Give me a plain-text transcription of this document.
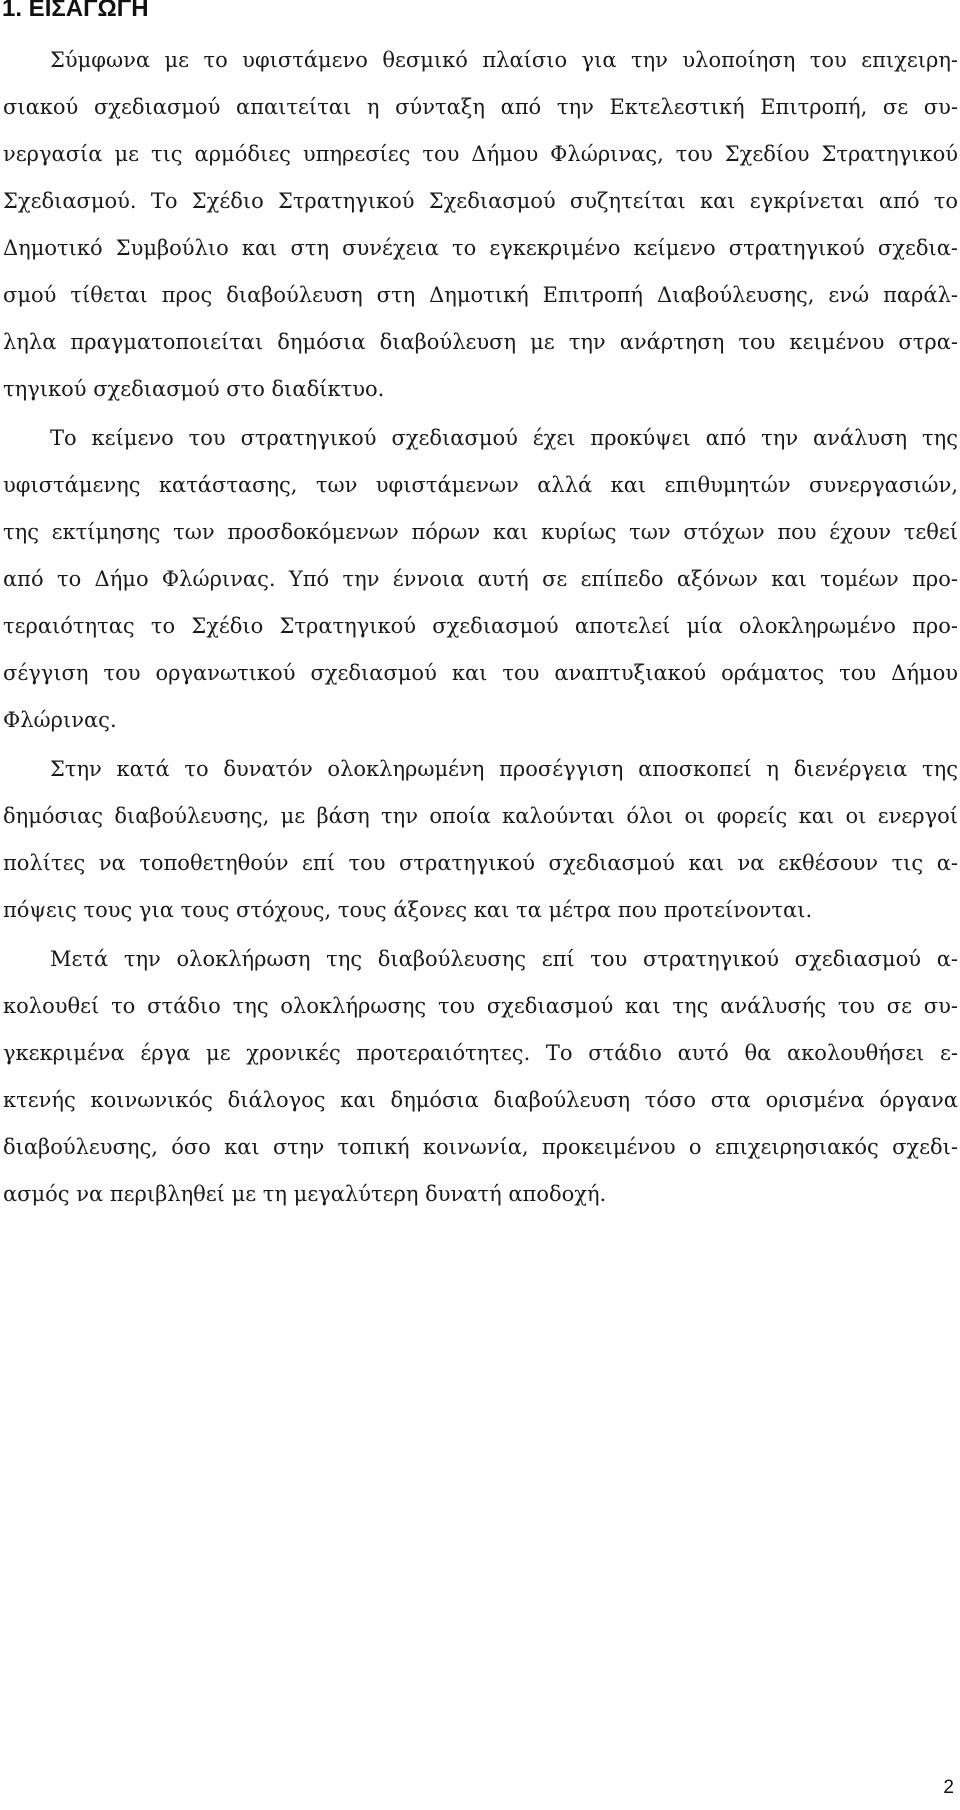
1. ΕΙΣΑΓΩΓΗ
Σύμφωνα με το υφιστάμενο θεσμικό πλαίσιο για την υλοποίηση του επιχειρη-
σιακού σχεδιασμού απαιτείται η σύνταξη από την Εκτελεστική Επιτροπή, σε συ-
νεργασία με τις αρμόδιες υπηρεσίες του Δήμου Φλώρινας, του Σχεδίου Στρατηγικού
Σχεδιασμού. Το Σχέδιο Στρατηγικού Σχεδιασμού συζητείται και εγκρίνεται από το
Δημοτικό Συμβούλιο και στη συνέχεια το εγκεκριμένο κείμενο στρατηγικού σχεδια-
σμού τίθεται προς διαβούλευση στη Δημοτική Επιτροπή Διαβούλευσης, ενώ παράλ-
ληλα πραγματοποιείται δημόσια διαβούλευση με την ανάρτηση του κειμένου στρα-
τηγικού σχεδιασμού στο διαδίκτυο.
Το κείμενο του στρατηγικού σχεδιασμού έχει προκύψει από την ανάλυση της
υφιστάμενης κατάστασης, των υφιστάμενων αλλά και επιθυμητών συνεργασιών,
της εκτίμησης των προσδοκόμενων πόρων και κυρίως των στόχων που έχουν τεθεί
από το Δήμο Φλώρινας. Υπό την έννοια αυτή σε επίπεδο αξόνων και τομέων προ-
τεραιότητας το Σχέδιο Στρατηγικού σχεδιασμού αποτελεί μία ολοκληρωμένο προ-
σέγγιση του οργανωτικού σχεδιασμού και του αναπτυξιακού οράματος του Δήμου
Φλώρινας.
Στην κατά το δυνατόν ολοκληρωμένη προσέγγιση αποσκοπεί η διενέργεια της
δημόσιας διαβούλευσης, με βάση την οποία καλούνται όλοι οι φορείς και οι ενεργοί
πολίτες να τοποθετηθούν επί του στρατηγικού σχεδιασμού και να εκθέσουν τις α-
πόψεις τους για τους στόχους, τους άξονες και τα μέτρα που προτείνονται.
Μετά την ολοκλήρωση της διαβούλευσης επί του στρατηγικού σχεδιασμού α-
κολουθεί το στάδιο της ολοκλήρωσης του σχεδιασμού και της ανάλυσής του σε συ-
γκεκριμένα έργα με χρονικές προτεραιότητες. Το στάδιο αυτό θα ακολουθήσει ε-
κτενής κοινωνικός διάλογος και δημόσια διαβούλευση τόσο στα ορισμένα όργανα
διαβούλευσης, όσο και στην τοπική κοινωνία, προκειμένου ο επιχειρησιακός σχεδι-
ασμός να περιβληθεί με τη μεγαλύτερη δυνατή αποδοχή.
2
